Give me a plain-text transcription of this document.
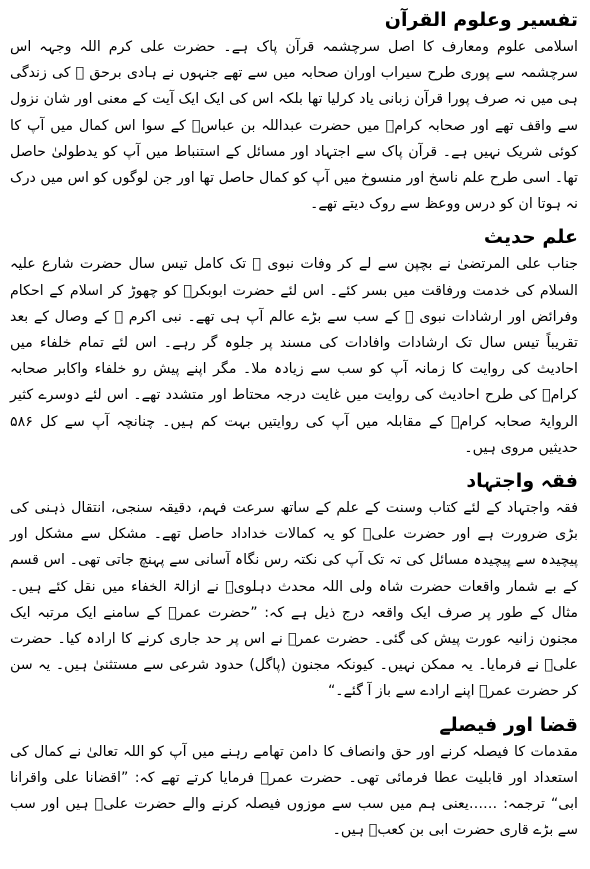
تفسیر وعلوم القرآن

اسلامی علوم ومعارف کا اصل سرچشمہ قرآن پاک ہے۔ حضرت علی کرم اللہ وجہہ اس سرچشمہ سے پوری طرح سیراب اوران صحابہ میں سے تھے جنہوں نے ہادی برحق ﷺ کی زندگی ہی میں نہ صرف پورا قرآن زبانی یاد کرلیا تھا بلکہ اس کی ایک ایک آیت کے معنی اور شان نزول سے واقف تھے اور صحابہ کرامؓ میں حضرت عبداللہ بن عباسؓ کے سوا اس کمال میں آپ کا کوئی شریک نہیں ہے۔ قرآن پاک سے اجتہاد اور مسائل کے استنباط میں آپ کو یدطولیٰ حاصل تھا۔ اسی طرح علم ناسخ اور منسوخ میں آپ کو کمال حاصل تھا اور جن لوگوں کو اس میں درک نہ ہوتا ان کو درس ووعظ سے روک دیتے تھے۔

علم حدیث

جناب علی المرتضیٰ نے بچپن سے لے کر وفات نبوی ﷺ تک کامل تیس سال حضرت شارع علیہ السلام کی خدمت ورفاقت میں بسر کئے۔ اس لئے حضرت ابوبکرؓ کو چھوڑ کر اسلام کے احکام وفرائض اور ارشادات نبوی ﷺ کے سب سے بڑے عالم آپ ہی تھے۔ نبی اکرم ﷺ کے وصال کے بعد تقریباً تیس سال تک ارشادات وافادات کی مسند پر جلوہ گر رہے۔ اس لئے تمام خلفاء میں احادیث کی روایت کا زمانہ آپ کو سب سے زیادہ ملا۔ مگر اپنے پیش رو خلفاء واکابر صحابہ کرامؓ کی طرح احادیث کی روایت میں غایت درجہ محتاط اور متشدد تھے۔ اس لئے دوسرے کثیر الروایۃ صحابہ کرامؓ کے مقابلہ میں آپ کی روایتیں بہت کم ہیں۔ چنانچہ آپ سے کل ۵۸۶ حدیثیں مروی ہیں۔

فقہ واجتہاد

فقہ واجتہاد کے لئے کتاب وسنت کے علم کے ساتھ سرعت فہم، دقیقہ سنجی، انتقال ذہنی کی بڑی ضرورت ہے اور حضرت علیؓ کو یہ کمالات خداداد حاصل تھے۔ مشکل سے مشکل اور پیچیدہ سے پیچیدہ مسائل کی تہ تک آپ کی نکتہ رس نگاہ آسانی سے پہنچ جاتی تھی۔ اس قسم کے بے شمار واقعات حضرت شاہ ولی اللہ محدث دہلویؒ نے ازالۃ الخفاء میں نقل کئے ہیں۔ مثال کے طور پر صرف ایک واقعہ درج ذیل ہے کہ: ”حضرت عمرؓ کے سامنے ایک مرتبہ ایک مجنون زانیہ عورت پیش کی گئی۔ حضرت عمرؓ نے اس پر حد جاری کرنے کا ارادہ کیا۔ حضرت علیؓ نے فرمایا۔ یہ ممکن نہیں۔ کیونکہ مجنون (پاگل) حدود شرعی سے مستثنیٰ ہیں۔ یہ سن کر حضرت عمرؓ اپنے ارادے سے باز آ گئے۔“

قضا اور فیصلے

مقدمات کا فیصلہ کرنے اور حق وانصاف کا دامن تھامے رہنے میں آپ کو اللہ تعالیٰ نے کمال کی استعداد اور قابلیت عطا فرمائی تھی۔ حضرت عمرؓ فرمایا کرتے تھے کہ: ”اقضانا علی واقرانا ابی“ ترجمہ: ……یعنی ہم میں سب سے موزوں فیصلہ کرنے والے حضرت علیؓ ہیں اور سب سے بڑے قاری حضرت ابی بن کعبؓ ہیں۔
